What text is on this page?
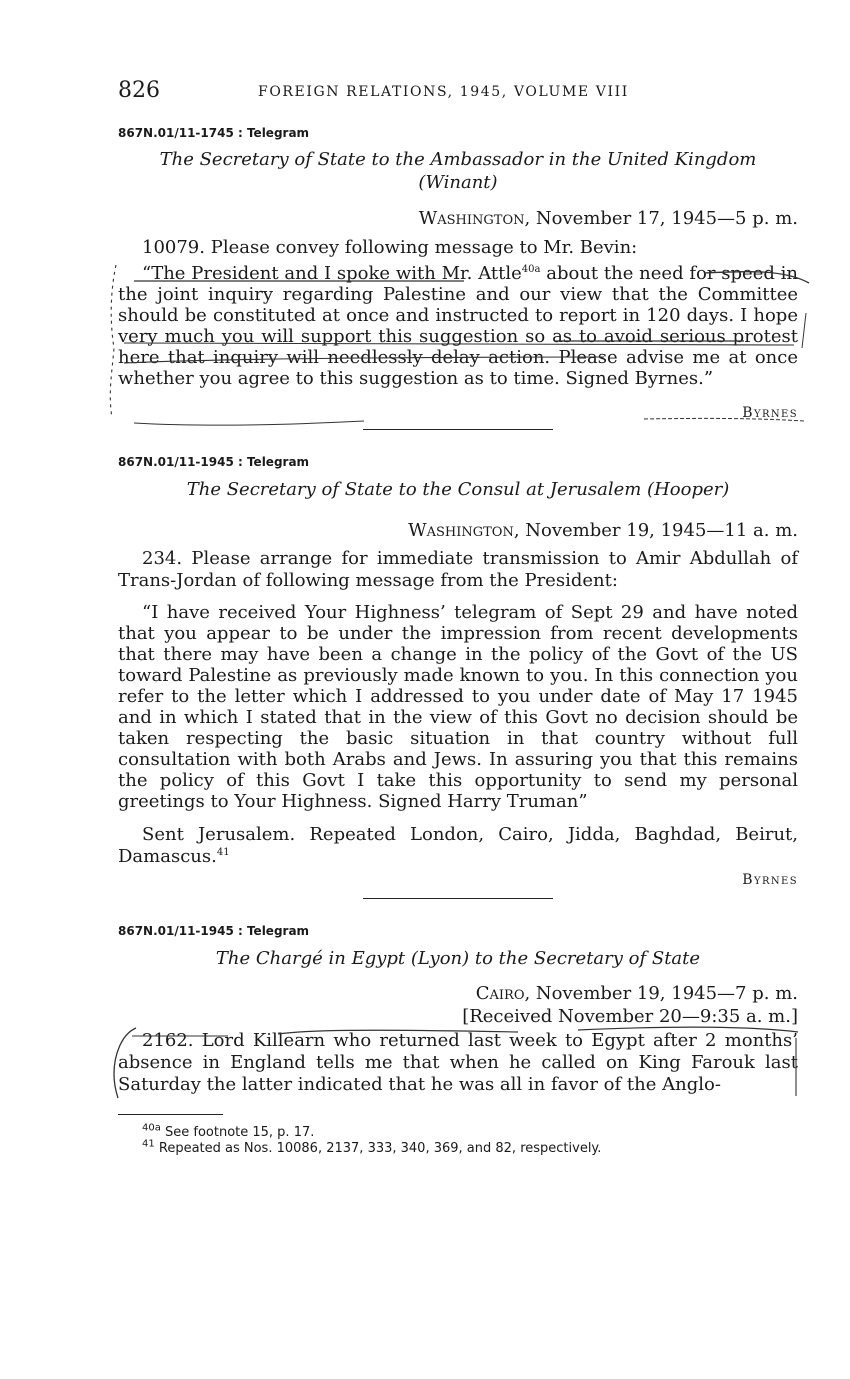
826	FOREIGN RELATIONS, 1945, VOLUME VIII

867N.01/11-1745 : Telegram

The Secretary of State to the Ambassador in the United Kingdom
(Winant)

Washington, November 17, 1945—5 p. m.

10079. Please convey following message to Mr. Bevin:

“The President and I spoke with Mr. Attle$^{40a}$ about the need for speed in the joint inquiry regarding Palestine and our view that the Committee should be constituted at once and instructed to report in 120 days. I hope very much you will support this suggestion so as to avoid serious protest here that inquiry will needlessly delay action. Please advise me at once whether you agree to this suggestion as to time. Signed Byrnes.”

Byrnes

867N.01/11-1945 : Telegram

The Secretary of State to the Consul at Jerusalem (Hooper)

Washington, November 19, 1945—11 a. m.

234. Please arrange for immediate transmission to Amir Abdullah of Trans-Jordan of following message from the President:

“I have received Your Highness’ telegram of Sept 29 and have noted that you appear to be under the impression from recent developments that there may have been a change in the policy of the Govt of the US toward Palestine as previously made known to you. In this connection you refer to the letter which I addressed to you under date of May 17 1945 and in which I stated that in the view of this Govt no decision should be taken respecting the basic situation in that country without full consultation with both Arabs and Jews. In assuring you that this remains the policy of this Govt I take this opportunity to send my personal greetings to Your Highness. Signed Harry Truman”

Sent Jerusalem. Repeated London, Cairo, Jidda, Baghdad, Beirut, Damascus.$^{41}$

Byrnes

867N.01/11-1945 : Telegram

The Chargé in Egypt (Lyon) to the Secretary of State

Cairo, November 19, 1945—7 p. m.

[Received November 20—9:35 a. m.]

2162. Lord Killearn who returned last week to Egypt after 2 months’ absence in England tells me that when he called on King Farouk last Saturday the latter indicated that he was all in favor of the Anglo-

$^{40a}$ See footnote 15, p. 17.

$^{41}$ Repeated as Nos. 10086, 2137, 333, 340, 369, and 82, respectively.
